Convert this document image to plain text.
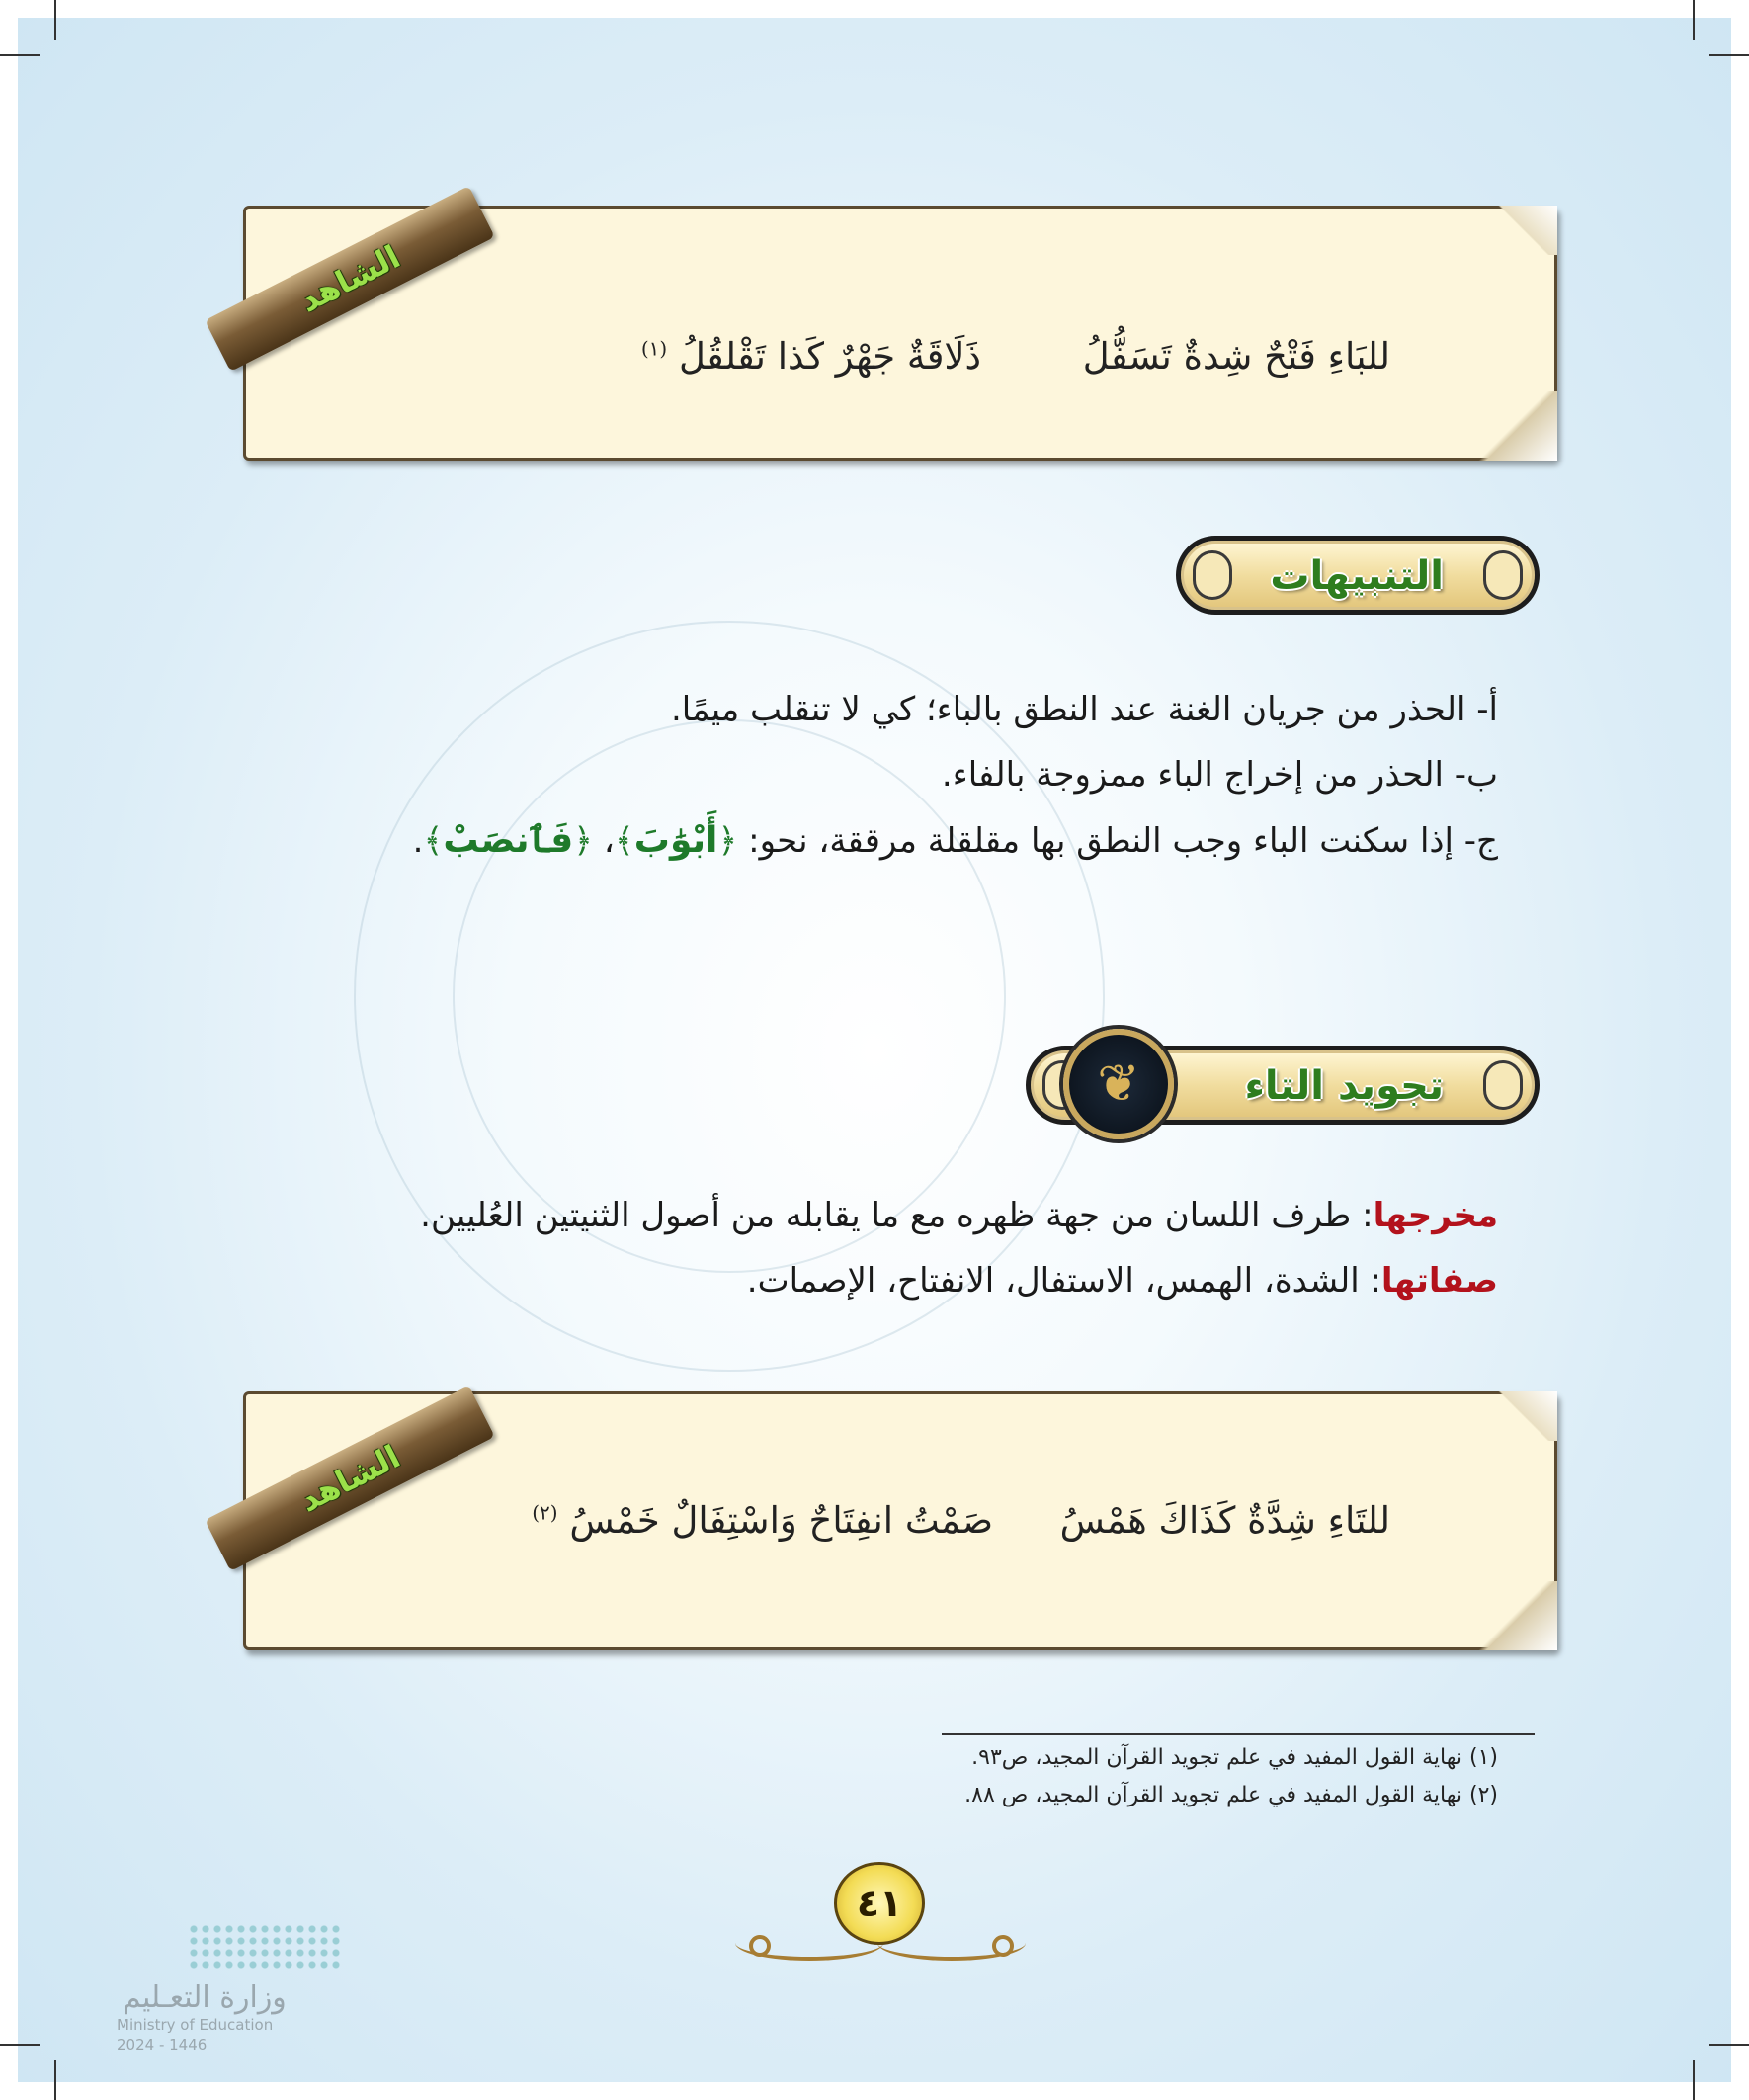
الشاهد
للبَاءِ فَتْحٌ شِدةٌ تَسَفُّلُ
ذَلَاقَةٌ جَهْرٌ كَذا تَقْلقُلُ $^{(١)}$
التنبيهات
أ- الحذر من جريان الغنة عند النطق بالباء؛ كي لا تنقلب ميمًا.
ب- الحذر من إخراج الباء ممزوجة بالفاء.
ج- إذا سكنت الباء وجب النطق بها مقلقلة مرققة، نحو: ﴿أَبْوَٰبَ﴾، ﴿فَٱنصَبْ﴾.
تجويد التاء
❦
مخرجها: طرف اللسان من جهة ظهره مع ما يقابله من أصول الثنيتين العُليين.
صفاتها: الشدة، الهمس، الاستفال، الانفتاح، الإصمات.
الشاهد
للتَاءِ شِدَّةٌ كَذَاكَ هَمْسُ
صَمْتُ انفِتَاحٌ وَاسْتِفَالٌ خَمْسُ $^{(٢)}$
(١) نهاية القول المفيد في علم تجويد القرآن المجيد، ص٩٣.
(٢) نهاية القول المفيد في علم تجويد القرآن المجيد، ص ٨٨.
٤١
وزارة التعـليم
Ministry of Education
2024 - 1446
